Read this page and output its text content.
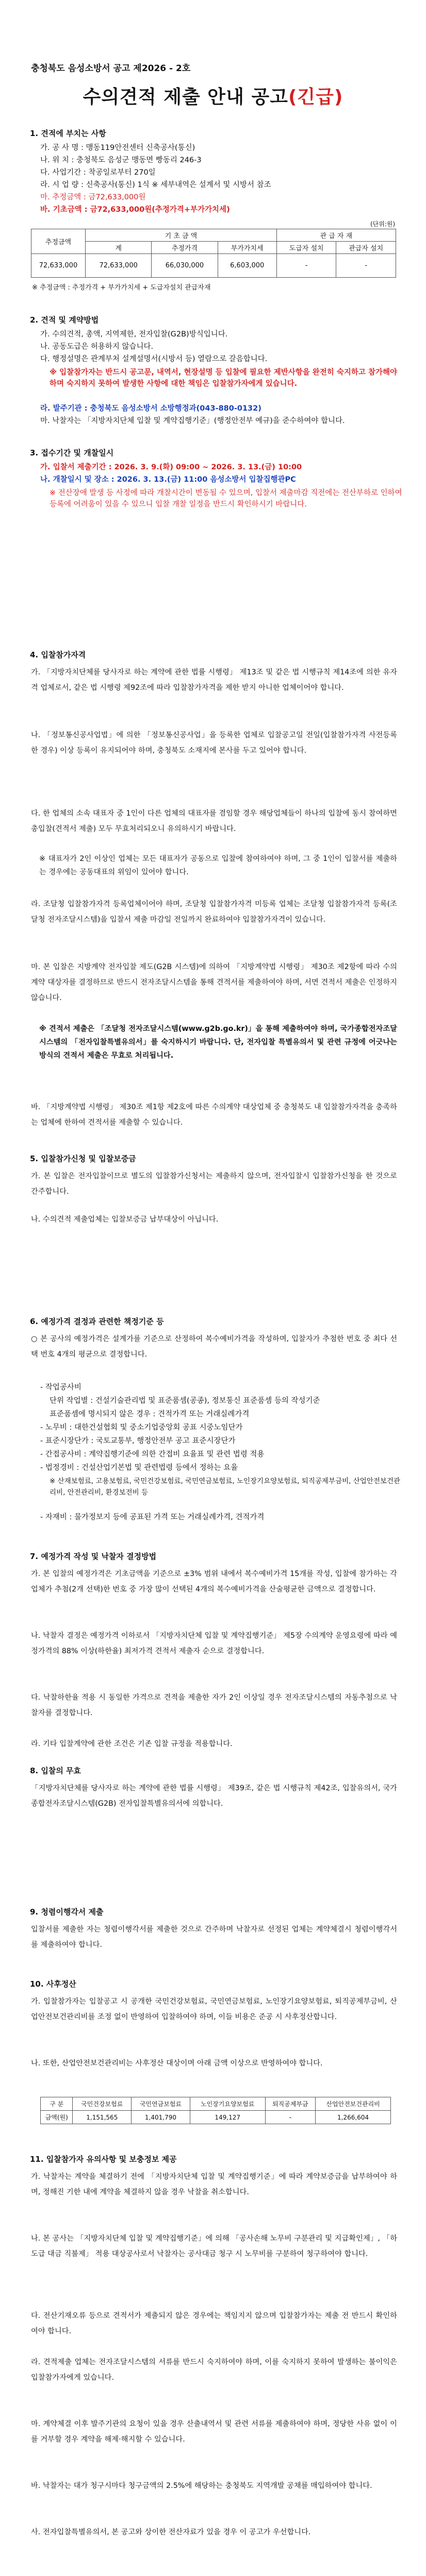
충청북도 음성소방서 공고 제2026 - 2호
수의견적 제출 안내 공고(긴급)
1. 견적에 부치는 사항
가. 공 사 명 : 맹동119안전센터 신축공사(통신)
나. 위 치 : 충청북도 음성군 맹동면 빵동리 246-3
다. 사업기간 : 착공일로부터 270일
라. 시 업 량 : 신축공사(통신) 1식 ※ 세부내역은 설계서 및 시방서 참조
마. 추정금액 : 금72,633,000원
바. 기초금액 : 금72,633,000원(추정가격+부가가치세)
(단위:원)
추정금액	기 초 금 액			관 급 자 재	
	계	추정가격	부가가치세	도급자 설치	관급자 설치
72,633,000	72,633,000	66,030,000	6,603,000	-	-
※ 추정금액 : 추정가격 + 부가가치세 + 도급자설치 관급자재
2. 견적 및 계약방법
가. 수의견적, 총액, 지역제한, 전자입찰(G2B)방식입니다.
나. 공동도급은 허용하지 않습니다.
다. 행정설명은 관계부처 설계설명서(시방서 등) 열람으로 갈음합니다.
※ 입찰참가자는 반드시 공고문, 내역서, 현장설명 등 입찰에 필요한 제반사항을 완전히 숙지하고 참가해야 하며 숙지하지 못하여 발생한 사항에 대한 책임은 입찰참가자에게 있습니다.
라. 발주기관 : 충청북도 음성소방서 소방행정과(043-880-0132)
마. 낙찰자는 「지방자치단체 입찰 및 계약집행기준」(행정안전부 예규)을 준수하여야 합니다.
3. 접수기간 및 개찰일시
가. 입찰서 제출기간 : 2026. 3. 9.(화) 09:00 ~ 2026. 3. 13.(금) 10:00
나. 개찰일시 및 장소 : 2026. 3. 13.(금) 11:00 음성소방서 입찰집행관PC
※ 전산장애 발생 등 사정에 따라 개찰시간이 변동될 수 있으며, 입찰서 제출마감 직전에는 전산부하로 인하여 등록에 어려움이 있을 수 있으니 입찰 개찰 일정을 반드시 확인하시기 바랍니다.
4. 입찰참가자격
가. 「지방자치단체를 당사자로 하는 계약에 관한 법률 시행령」 제13조 및 같은 법 시행규칙 제14조에 의한 유자격 업체로서, 같은 법 시행령 제92조에 따라 입찰참가자격을 제한 받지 아니한 업체이어야 합니다.
나. 「정보통신공사업법」에 의한 「정보통신공사업」을 등록한 업체로 입찰공고일 전일(입찰참가자격 사전등록한 경우) 이상 등록이 유지되어야 하며, 충청북도 소재지에 본사를 두고 있어야 합니다.
다. 한 업체의 소속 대표자 중 1인이 다른 업체의 대표자를 겸임할 경우 해당업체들이 하나의 입찰에 동시 참여하면 총입찰(견적서 제출) 모두 무효처리되오니 유의하시기 바랍니다.
※ 대표자가 2인 이상인 업체는 모든 대표자가 공동으로 입찰에 참여하여야 하며, 그 중 1인이 입찰서를 제출하는 경우에는 공동대표의 위임이 있어야 합니다.
라. 조달청 입찰참가자격 등록업체이어야 하며, 조달청 입찰참가자격 미등록 업체는 조달청 입찰참가자격 등록(조달청 전자조달시스템)을 입찰서 제출 마감일 전일까지 완료하여야 입찰참가자격이 있습니다.
마. 본 입찰은 지방계약 전자입찰 제도(G2B 시스템)에 의하여 「지방계약법 시행령」 제30조 제2항에 따라 수의계약 대상자를 결정하므로 반드시 전자조달시스템을 통해 견적서를 제출하여야 하며, 서면 견적서 제출은 인정하지 않습니다.
※ 견적서 제출은 「조달청 전자조달시스템(www.g2b.go.kr)」을 통해 제출하여야 하며, 국가종합전자조달시스템의 「전자입찰특별유의서」를 숙지하시기 바랍니다. 단, 전자입찰 특별유의서 및 관련 규정에 어긋나는 방식의 견적서 제출은 무효로 처리됩니다.
바. 「지방계약법 시행령」 제30조 제1항 제2호에 따른 수의계약 대상업체 중 충청북도 내 입찰참가자격을 충족하는 업체에 한하여 견적서를 제출할 수 있습니다.
5. 입찰참가신청 및 입찰보증금
가. 본 입찰은 전자입찰이므로 별도의 입찰참가신청서는 제출하지 않으며, 전자입찰시 입찰참가신청을 한 것으로 간주합니다.
나. 수의견적 제출업체는 입찰보증금 납부대상이 아닙니다.
6. 예정가격 결정과 관련한 책정기준 등
○ 본 공사의 예정가격은 설계가를 기준으로 산정하여 복수예비가격을 작성하며, 입찰자가 추첨한 번호 중 최다 선택 번호 4개의 평균으로 결정합니다.
- 작업공사비
단위 작업별 : 건설기술관리법 및 표준품셈(공종), 정보통신 표준품셈 등의 작성기준
표준품셈에 명시되지 않은 경우 : 견적가격 또는 거래실례가격
- 노무비 : 대한건설협회 및 중소기업중앙회 공표 시중노임단가
- 표준시장단가 : 국토교통부, 행정안전부 공고 표준시장단가
- 간접공사비 : 계약집행기준에 의한 간접비 요율표 및 관련 법령 적용
- 법정경비 : 건설산업기본법 및 관련법령 등에서 정하는 요율
※ 산재보험료, 고용보험료, 국민건강보험료, 국민연금보험료, 노인장기요양보험료, 퇴직공제부금비, 산업안전보건관리비, 안전관리비, 환경보전비 등
- 자재비 : 물가정보지 등에 공표된 가격 또는 거래실례가격, 견적가격
7. 예정가격 작성 및 낙찰자 결정방법
가. 본 입찰의 예정가격은 기초금액을 기준으로 ±3% 범위 내에서 복수예비가격 15개를 작성, 입찰에 참가하는 각 업체가 추첨(2개 선택)한 번호 중 가장 많이 선택된 4개의 복수예비가격을 산술평균한 금액으로 결정합니다.
나. 낙찰자 결정은 예정가격 이하로서 「지방자치단체 입찰 및 계약집행기준」 제5장 수의계약 운영요령에 따라 예정가격의 88% 이상(하한율) 최저가격 견적서 제출자 순으로 결정합니다.
다. 낙찰하한율 적용 시 동일한 가격으로 견적을 제출한 자가 2인 이상일 경우 전자조달시스템의 자동추첨으로 낙찰자를 결정합니다.
라. 기타 입찰계약에 관한 조건은 기존 입찰 규정을 적용합니다.
8. 입찰의 무효
「지방자치단체를 당사자로 하는 계약에 관한 법률 시행령」 제39조, 같은 법 시행규칙 제42조, 입찰유의서, 국가종합전자조달시스템(G2B) 전자입찰특별유의서에 의합니다.
9. 청렴이행각서 제출
입찰서를 제출한 자는 청렴이행각서를 제출한 것으로 간주하며 낙찰자로 선정된 업체는 계약체결시 청렴이행각서를 제출하여야 합니다.
10. 사후정산
가. 입찰참가자는 입찰공고 시 공개한 국민건강보험료, 국민연금보험료, 노인장기요양보험료, 퇴직공제부금비, 산업안전보건관리비를 조정 없이 반영하여 입찰하여야 하며, 이들 비용은 준공 시 사후정산합니다.
나. 또한, 산업안전보건관리비는 사후정산 대상이며 아래 금액 이상으로 반영하여야 합니다.
구 분	국민건강보험료	국민연금보험료	노인장기요양보험료	퇴직공제부금	산업안전보건관리비
금액(원)	1,151,565	1,401,790	149,127	-	1,266,604
11. 입찰참가자 유의사항 및 보충정보 제공
가. 낙찰자는 계약을 체결하기 전에 「지방자치단체 입찰 및 계약집행기준」에 따라 계약보증금을 납부하여야 하며, 정해진 기한 내에 계약을 체결하지 않을 경우 낙찰을 취소합니다.
나. 본 공사는 「지방자치단체 입찰 및 계약집행기준」에 의해 「공사손해 노무비 구분관리 및 지급확인제」, 「하도급 대금 직불제」 적용 대상공사로서 낙찰자는 공사대금 청구 시 노무비를 구분하여 청구하여야 합니다.
다. 전산기재오류 등으로 견적서가 제출되지 않은 경우에는 책임지지 않으며 입찰참가자는 제출 전 반드시 확인하여야 합니다.
라. 견적제출 업체는 전자조달시스템의 서류를 반드시 숙지하여야 하며, 이를 숙지하지 못하여 발생하는 불이익은 입찰참가자에게 있습니다.
마. 계약체결 이후 발주기관의 요청이 있을 경우 산출내역서 및 관련 서류를 제출하여야 하며, 정당한 사유 없이 이를 거부할 경우 계약을 해제·해지할 수 있습니다.
바. 낙찰자는 대가 청구시마다 청구금액의 2.5%에 해당하는 충청북도 지역개발 공채를 매입하여야 합니다.
사. 전자입찰특별유의서, 본 공고와 상이한 전산자료가 있을 경우 이 공고가 우선합니다.
